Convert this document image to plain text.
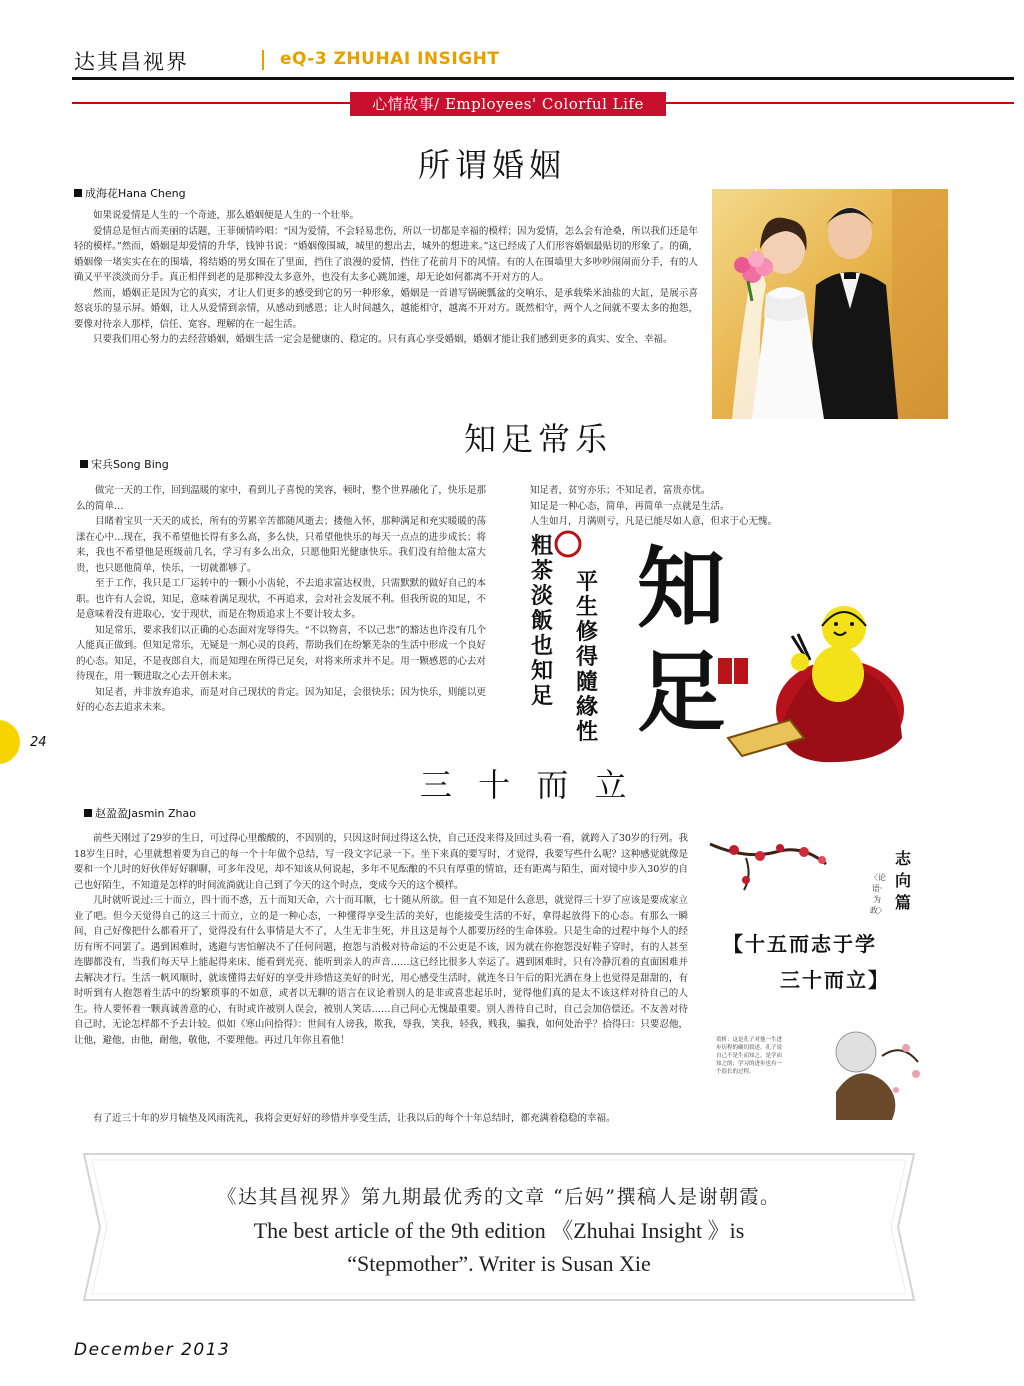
达其昌视界	eQ-3 ZHUHAI INSIGHT
心情故事/ Employees' Colorful Life
所谓婚姻
成海花Hana Cheng

如果说爱情是人生的一个奇迹，那么婚姻便是人生的一个壮举。

爱情总是恒古而美丽的话题，王菲倾情吟唱：“因为爱情，不会轻易悲伤，所以一切都是幸福的模样；因为爱情，怎么会有沧桑，所以我们还是年轻的模样。”然而，婚姻是却爱情的升华，钱钟书说：“婚姻像围城，城里的想出去，城外的想进来。”这已经成了人们形容婚姻最贴切的形象了。的确，婚姻像一堵实实在在的围墙，将结婚的男女围在了里面，挡住了浪漫的爱情，挡住了花前月下的风情。有的人在围墙里大多吵吵闹闹而分手，有的人确又平平淡淡而分手。真正相伴到老的是那种没太多意外，也没有太多心跳加速，却无论如何都离不开对方的人。

然而，婚姻正是因为它的真实，才让人们更多的感受到它的另一种形象，婚姻是一首谱写锅碗瓢盆的交响乐，是承载柴米油盐的大缸，是展示喜怒哀乐的显示屏。婚姻，让人从爱情到亲情，从感动到感恩；让人时间越久，越能相守，越离不开对方。既然相守，两个人之间就不要太多的抱怨，要像对待亲人那样，信任、宽容、理解的在一起生活。

只要我们用心努力的去经营婚姻，婚姻生活一定会是健康的、稳定的。只有真心享受婚姻，婚姻才能让我们感到更多的真实、安全、幸福。

知足常乐
宋兵Song Bing

做完一天的工作，回到温暖的家中，看到儿子喜悦的笑容，顿时，整个世界融化了，快乐是那么的简单…

目睹着宝贝一天天的成长，所有的劳累辛苦都随风逝去；搂他入怀，那种满足和充实暖暖的荡漾在心中…现在，我不希望他长得有多么高，多么快，只希望他快乐的每天一点点的进步成长；将来，我也不希望他是班级前几名，学习有多么出众，只愿他阳光健康快乐。我们没有给他太富大贵，也只愿他简单，快乐，一切就都够了。

至于工作，我只是工厂运转中的一颗小小齿轮，不去追求富达权贵，只需默默的做好自己的本职。也许有人会说，知足，意味着满足现状，不再追求，会对社会发展不利。但我所说的知足，不是意味着没有进取心，安于现状，而是在物质追求上不要计较太多。

知足常乐，要求我们以正确的心态面对宠辱得失。“不以物喜，不以己悲”的豁达也许没有几个人能真正做到。但知足常乐，无疑是一剂心灵的良药，帮助我们在纷繁芜杂的生活中形成一个良好的心态。知足，不是夜郎自大，而是知理在所得已足矣，对将来所求并不足。用一颗感恩的心去对待现在，用一颗进取之心去开创未来。

知足者，并非放弃追求，而是对自己现状的肯定。因为知足，会很快乐；因为快乐，则能以更好的心态去追求未来。

知足者，贫穷亦乐；不知足者，富贵亦忧。

知足是一种心态，简单，再简单一点就是生活。

人生如月，月满则亏，凡是已能尽如人意，但求于心无愧。

粗茶淡飯也知足
平生修得隨緣性
知足
24
三 十 而 立
赵盈盈Jasmin Zhao

前些天刚过了29岁的生日，可过得心里酸酸的，不因别的，只因这时间过得这么快，自己还没来得及回过头看一看，就跨入了30岁的行列。我18岁生日时，心里就想着要为自己的每一个十年做个总结，写一段文字记录一下。坐下来真的要写时，才觉得，我要写些什么呢？这种感觉就像是要和一个儿时的好伙伴好好聊聊，可多年没见，却不知该从何说起，多年不见酝酿的不只有厚重的情谊，还有距离与陌生，面对镜中步入30岁的自己也好陌生，不知道是怎样的时间流淌就让自己到了今天的这个时点，变成今天的这个模样。

儿时就听说过:三十而立，四十而不惑，五十而知天命，六十而耳顺，七十随从所欲。但一直不知是什么意思，就觉得三十岁了应该是要成家立业了吧。但今天觉得自己的这三十而立，立的是一种心态，一种懂得享受生活的美好，也能接受生活的不好，拿得起放得下的心态。有那么一瞬间，自己好像把什么都看开了，觉得没有什么事情是大不了，人生无非生死，并且这是每个人都要历经的生命体验。只是生命的过程中每个人的经历有所不同罢了。遇到困难时，逃避与害怕解决不了任何问题，抱怨与消极对待命运的不公更是不该，因为就在你抱怨没好鞋子穿时，有的人甚至连脚都没有，当我们每天早上能起得来床、能看到光亮、能听到亲人的声音……这已经比很多人幸运了。遇到困难时，只有冷静沉着的直面困难并去解决才行。生活一帆风顺时，就该懂得去好好的享受并珍惜这美好的时光，用心感受生活时，就连冬日午后的阳光洒在身上也觉得是甜甜的，有时听到有人抱怨着生活中的纷繁琐事的不如意，或者以无聊的语言在议论着别人的是非或喜悲起乐时，觉得他们真的是太不该这样对待自己的人生。待人要怀着一颗真诚善意的心，有时或许被别人误会，被别人笑话……自己问心无愧最重要。别人善待自己时，自己会加倍偿还。不友善对待自己时，无论怎样都不予去计较。似如《寒山问拾得》：世间有人谤我，欺我，辱我，笑我，轻我，贱我，骗我，如何处治乎？拾得曰：只要忍他，让他，避他，由他，耐他，敬他，不要理他。再过几年你且看他！

有了近三十年的岁月犒垫及风雨洗礼，我将会更好好的珍惜并享受生活，让我以后的每个十年总结时，都充满着稳稳的幸福。

志向篇
〈论语·为政〉
【十五而志于学
三十而立】
赏析：这是孔子对他一生进步历程的确切叙述。孔子说自己不是生而知之，是学而知之的；学习的进步也有一个很长的过程。
《达其昌视界》第九期最优秀的文章 “后妈”撰稿人是谢朝霞。
The best article of the 9th edition 《Zhuhai Insight 》is
“Stepmother”. Writer is Susan Xie
December 2013
